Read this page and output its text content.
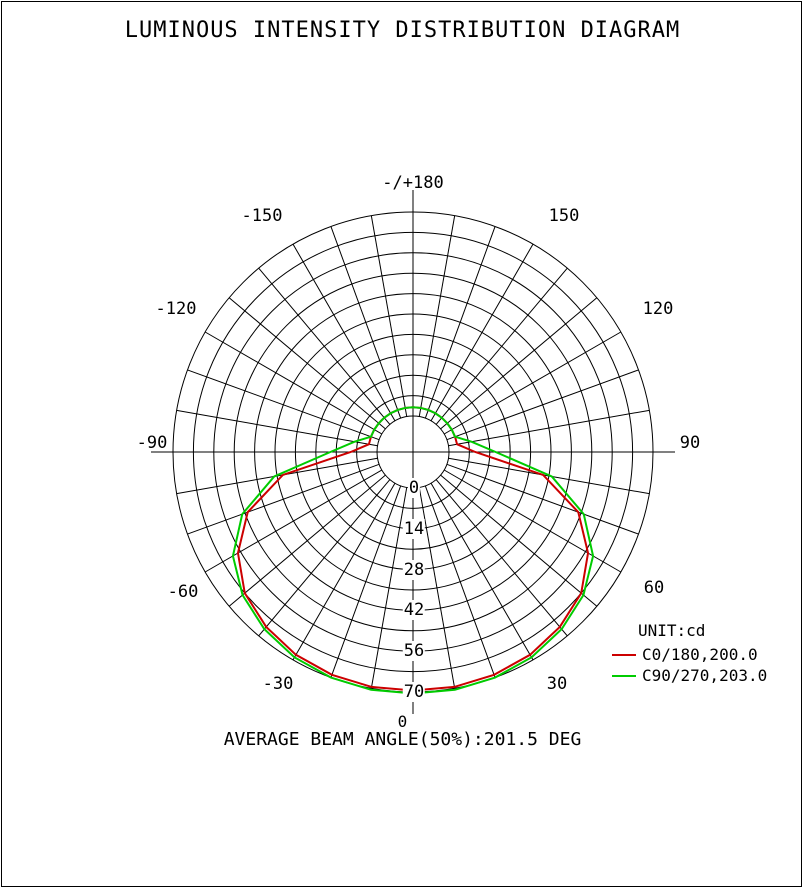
LUMINOUS INTENSITY DISTRIBUTION DIAGRAM
-/+180
-150	150
-120	120
-90	90
-60	60
-30	30
0
14
28
42
56
70
UNIT:cd
C0/180,200.0
C90/270,203.0
0
AVERAGE BEAM ANGLE(50%):201.5 DEG
